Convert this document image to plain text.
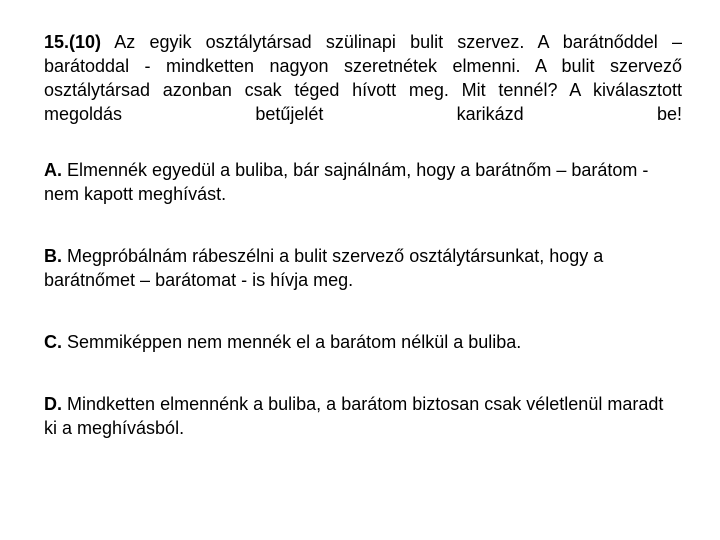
15.(10) Az egyik osztálytársad szülinapi bulit szervez. A barátnőddel – barátoddal - mindketten nagyon szeretnétek elmenni. A bulit szervező osztálytársad azonban csak téged hívott meg. Mit tennél? A kiválasztott megoldás betűjelét karikázd be!

A. Elmennék egyedül a buliba, bár sajnálnám, hogy a barátnőm – barátom - nem kapott meghívást.

B. Megpróbálnám rábeszélni a bulit szervező osztálytársunkat, hogy a barátnőmet – barátomat - is hívja meg.

C. Semmiképpen nem mennék el a barátom nélkül a buliba.

D. Mindketten elmennénk a buliba, a barátom biztosan csak véletlenül maradt ki a meghívásból.
